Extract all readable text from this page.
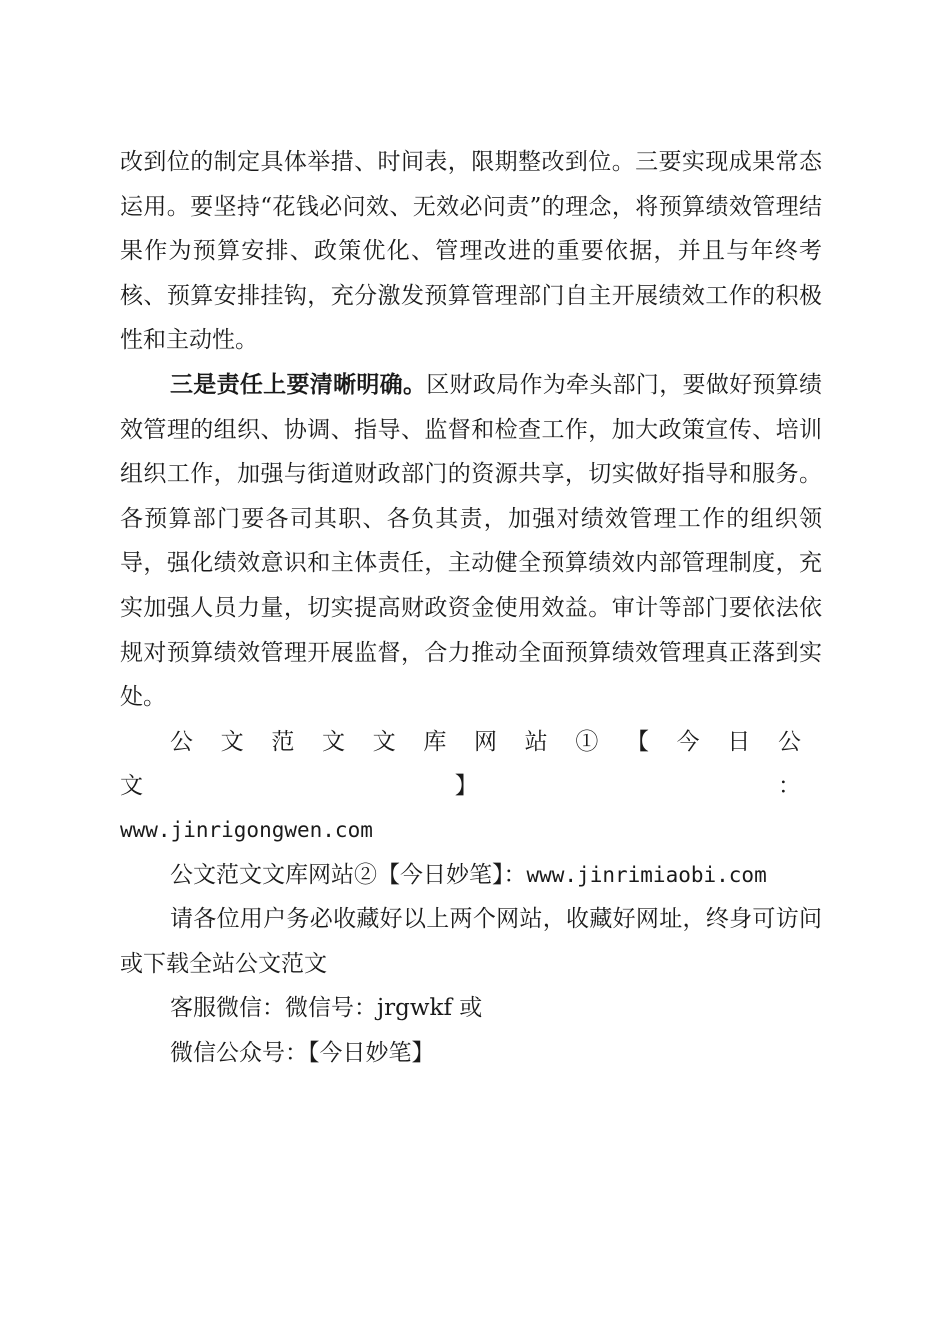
改到位的制定具体举措、时间表，限期整改到位。三要实现成果常态运用。要坚持“花钱必问效、无效必问责”的理念，将预算绩效管理结果作为预算安排、政策优化、管理改进的重要依据，并且与年终考核、预算安排挂钩，充分激发预算管理部门自主开展绩效工作的积极性和主动性。

三是责任上要清晰明确。区财政局作为牵头部门，要做好预算绩效管理的组织、协调、指导、监督和检查工作，加大政策宣传、培训组织工作，加强与街道财政部门的资源共享，切实做好指导和服务。各预算部门要各司其职、各负其责，加强对绩效管理工作的组织领导，强化绩效意识和主体责任，主动健全预算绩效内部管理制度，充实加强人员力量，切实提高财政资金使用效益。审计等部门要依法依规对预算绩效管理开展监督，合力推动全面预算绩效管理真正落到实处。

公文范文文库网站①【今日公文】：

www.jinrigongwen.com

公文范文文库网站②【今日妙笔】：www.jinrimiaobi.com

请各位用户务必收藏好以上两个网站，收藏好网址，终身可访问或下载全站公文范文

客服微信：微信号：jrgwkf 或

微信公众号：【今日妙笔】
